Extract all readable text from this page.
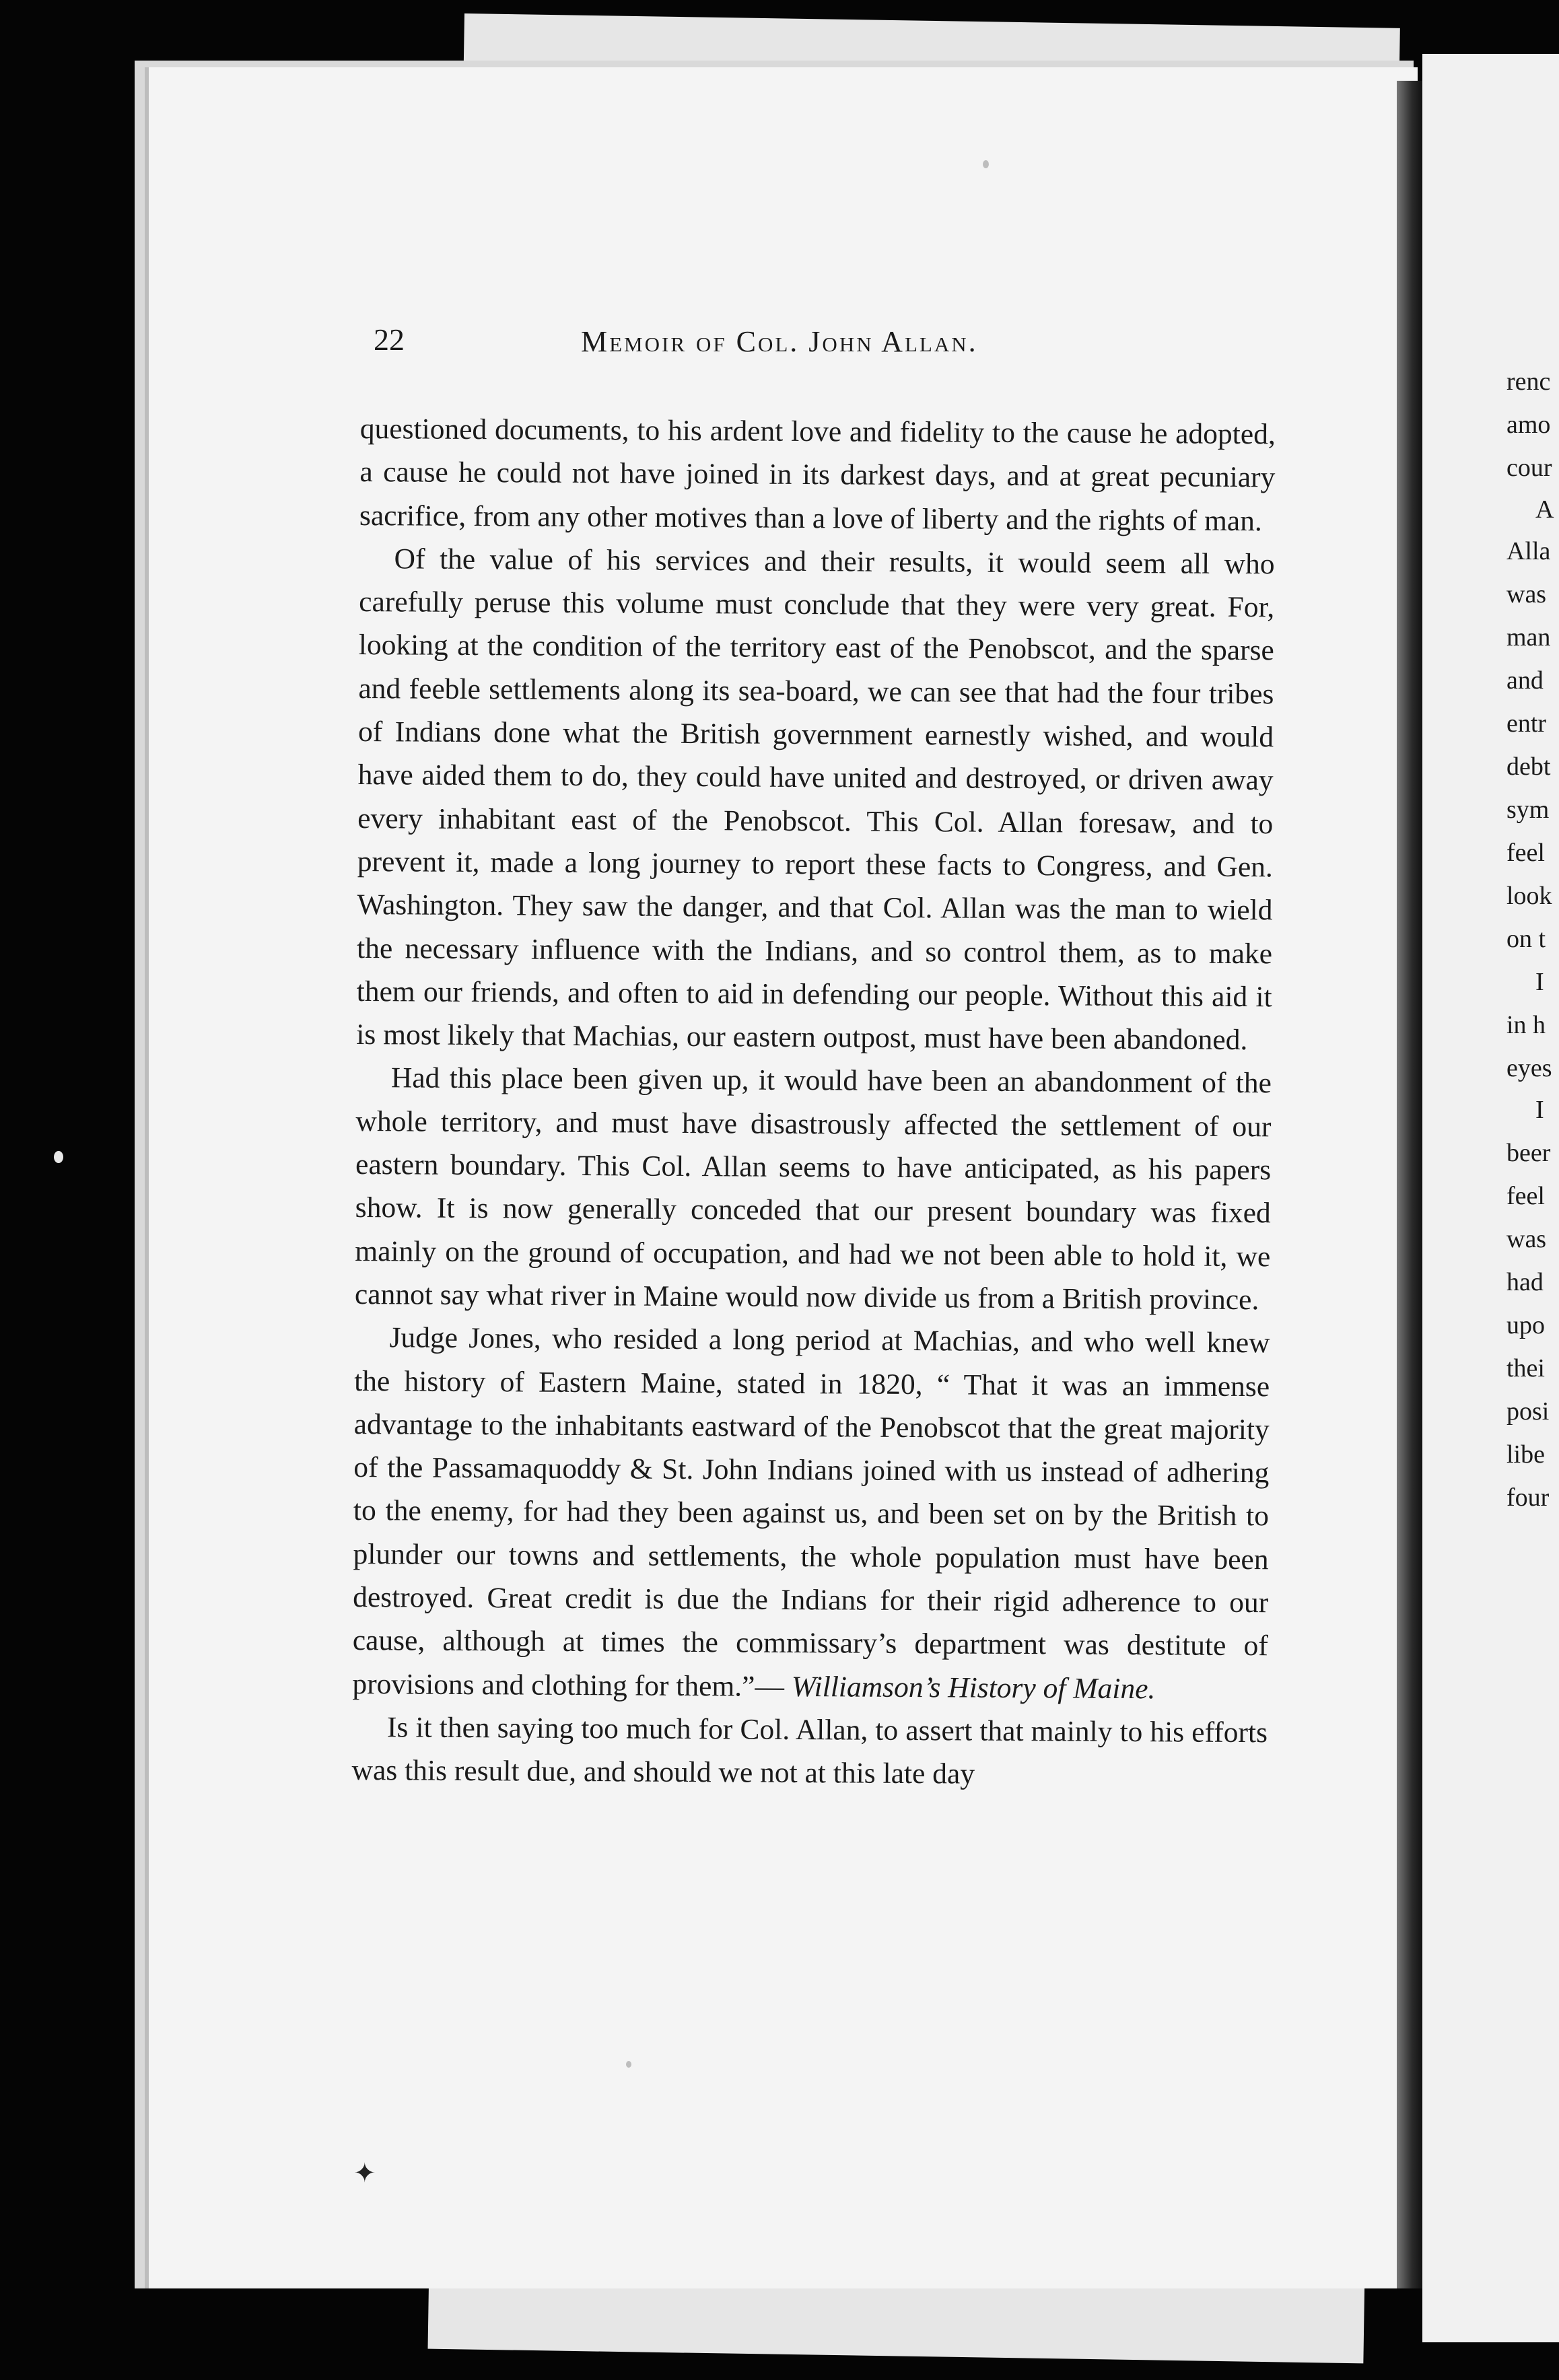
22	Memoir of Col. John Allan.

questioned documents, to his ardent love and fidelity to the cause he adopted, a cause he could not have joined in its darkest days, and at great pecuniary sacrifice, from any other motives than a love of liberty and the rights of man.

Of the value of his services and their results, it would seem all who carefully peruse this volume must conclude that they were very great. For, looking at the condition of the territory east of the Penobscot, and the sparse and feeble settlements along its sea-board, we can see that had the four tribes of Indians done what the British government earnestly wished, and would have aided them to do, they could have united and destroyed, or driven away every inhabitant east of the Penobscot. This Col. Allan foresaw, and to prevent it, made a long journey to report these facts to Congress, and Gen. Washington. They saw the danger, and that Col. Allan was the man to wield the necessary influence with the Indians, and so control them, as to make them our friends, and often to aid in defending our people. Without this aid it is most likely that Machias, our eastern outpost, must have been abandoned.

Had this place been given up, it would have been an abandonment of the whole territory, and must have disastrously affected the settlement of our eastern boundary. This Col. Allan seems to have anticipated, as his papers show. It is now generally conceded that our present boundary was fixed mainly on the ground of occupation, and had we not been able to hold it, we cannot say what river in Maine would now divide us from a British province.

Judge Jones, who resided a long period at Machias, and who well knew the history of Eastern Maine, stated in 1820, “ That it was an immense advantage to the inhabitants eastward of the Penobscot that the great majority of the Passamaquoddy & St. John Indians joined with us instead of adhering to the enemy, for had they been against us, and been set on by the British to plunder our towns and settlements, the whole population must have been destroyed. Great credit is due the Indians for their rigid adherence to our cause, although at times the commissary’s department was destitute of provisions and clothing for them.”— Williamson’s History of Maine.

Is it then saying too much for Col. Allan, to assert that mainly to his efforts was this result due, and should we not at this late day

✦
renc
amo
cour
A
Alla
was
man
and
entr
debt
sym
feel
look
on t
I
in h
eyes
I
beer
feel
was
had
upo
thei
posi
libe
four
